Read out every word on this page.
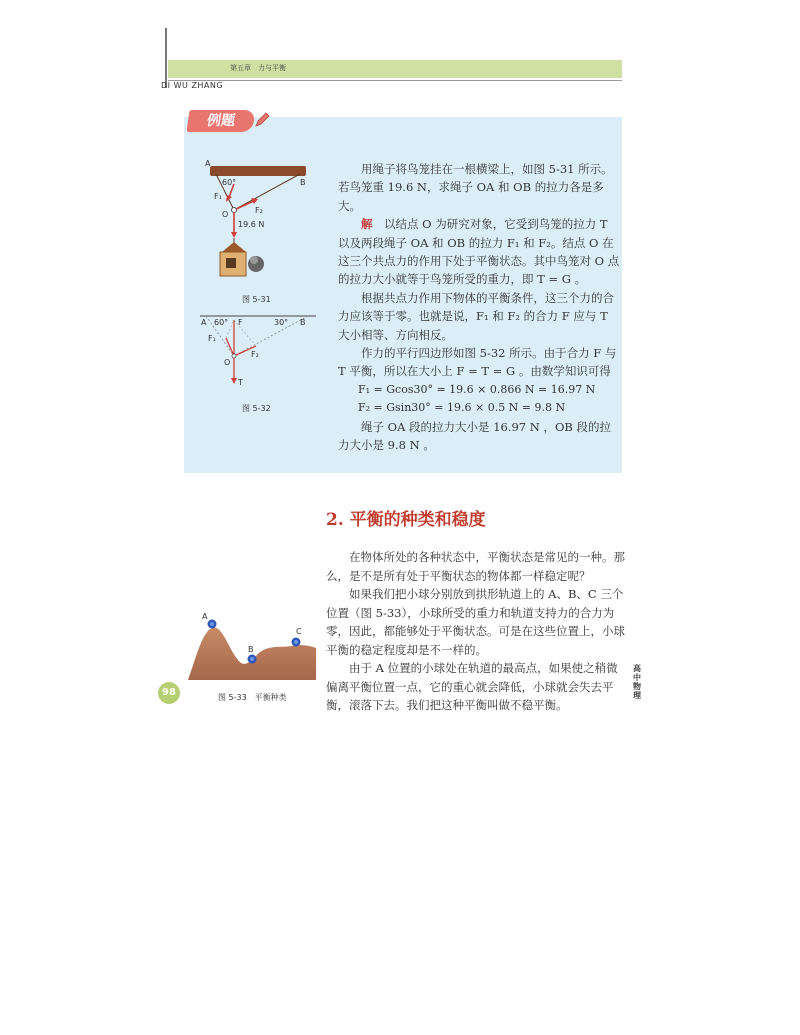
第五章　力与平衡
DI WU ZHANG
例题
A
B
60°
F₁
F₂
O
19.6 N
图 5-31
A 60° F	30° B
F₁
F₂
O
T
图 5-32

用绳子将鸟笼挂在一根横梁上，如图 5-31 所示。若鸟笼重 19.6 N，求绳子 OA 和 OB 的拉力各是多大。

解　以结点 O 为研究对象，它受到鸟笼的拉力 T 以及两段绳子 OA 和 OB 的拉力 F₁ 和 F₂。结点 O 在这三个共点力的作用下处于平衡状态。其中鸟笼对 O 点的拉力大小就等于鸟笼所受的重力，即 T = G 。

根据共点力作用下物体的平衡条件，这三个力的合力应该等于零。也就是说，F₁ 和 F₂ 的合力 F 应与 T 大小相等、方向相反。

作力的平行四边形如图 5-32 所示。由于合力 F 与 T 平衡，所以在大小上 F = T = G 。由数学知识可得

F₁ = Gcos30° = 19.6 × 0.866 N = 16.97 N

F₂ = Gsin30° = 19.6 × 0.5 N = 9.8 N

绳子 OA 段的拉力大小是 16.97 N ，OB 段的拉力大小是 9.8 N 。

2. 平衡的种类和稳度

在物体所处的各种状态中，平衡状态是常见的一种。那么，是不是所有处于平衡状态的物体都一样稳定呢？

如果我们把小球分别放到拱形轨道上的 A、B、C 三个位置（图 5-33），小球所受的重力和轨道支持力的合力为零，因此，都能够处于平衡状态。可是在这些位置上，小球平衡的稳定程度却是不一样的。

由于 A 位置的小球处在轨道的最高点，如果使之稍微偏离平衡位置一点，它的重心就会降低，小球就会失去平衡，滚落下去。我们把这种平衡叫做不稳平衡。

A
B
C
图 5-33　平衡种类
98
高中物理
